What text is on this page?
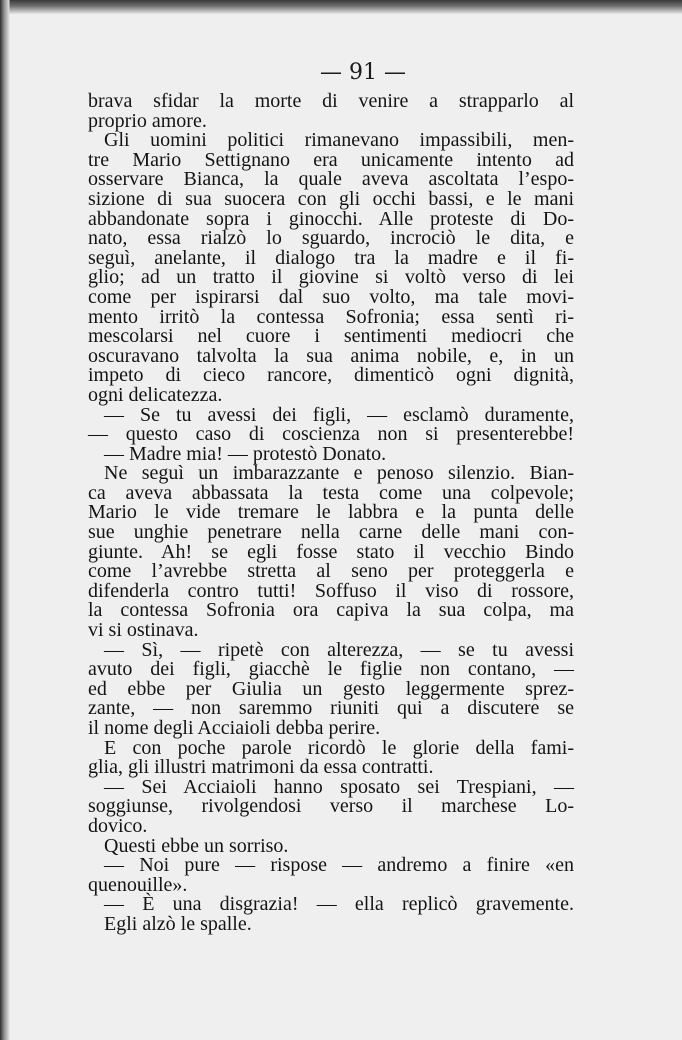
— 91 —
brava sfidar la morte di venire a strapparlo al
proprio amore.
Gli uomini politici rimanevano impassibili, men-
tre Mario Settignano era unicamente intento ad
osservare Bianca, la quale aveva ascoltata l’espo-
sizione di sua suocera con gli occhi bassi, e le mani
abbandonate sopra i ginocchi. Alle proteste di Do-
nato, essa rialzò lo sguardo, incrociò le dita, e
seguì, anelante, il dialogo tra la madre e il fi-
glio; ad un tratto il giovine si voltò verso di lei
come per ispirarsi dal suo volto, ma tale movi-
mento irritò la contessa Sofronia; essa sentì ri-
mescolarsi nel cuore i sentimenti mediocri che
oscuravano talvolta la sua anima nobile, e, in un
impeto di cieco rancore, dimenticò ogni dignità,
ogni delicatezza.
— Se tu avessi dei figli, — esclamò duramente,
— questo caso di coscienza non si presenterebbe!
— Madre mia! — protestò Donato.
Ne seguì un imbarazzante e penoso silenzio. Bian-
ca aveva abbassata la testa come una colpevole;
Mario le vide tremare le labbra e la punta delle
sue unghie penetrare nella carne delle mani con-
giunte. Ah! se egli fosse stato il vecchio Bindo
come l’avrebbe stretta al seno per proteggerla e
difenderla contro tutti! Soffuso il viso di rossore,
la contessa Sofronia ora capiva la sua colpa, ma
vi si ostinava.
— Sì, — ripetè con alterezza, — se tu avessi
avuto dei figli, giacchè le figlie non contano, —
ed ebbe per Giulia un gesto leggermente sprez-
zante, — non saremmo riuniti qui a discutere se
il nome degli Acciaioli debba perire.
E con poche parole ricordò le glorie della fami-
glia, gli illustri matrimoni da essa contratti.
— Sei Acciaioli hanno sposato sei Trespiani, —
soggiunse, rivolgendosi verso il marchese Lo-
dovico.
Questi ebbe un sorriso.
— Noi pure — rispose — andremo a finire «en
quenouille».
— È una disgrazia! — ella replicò gravemente.
Egli alzò le spalle.
